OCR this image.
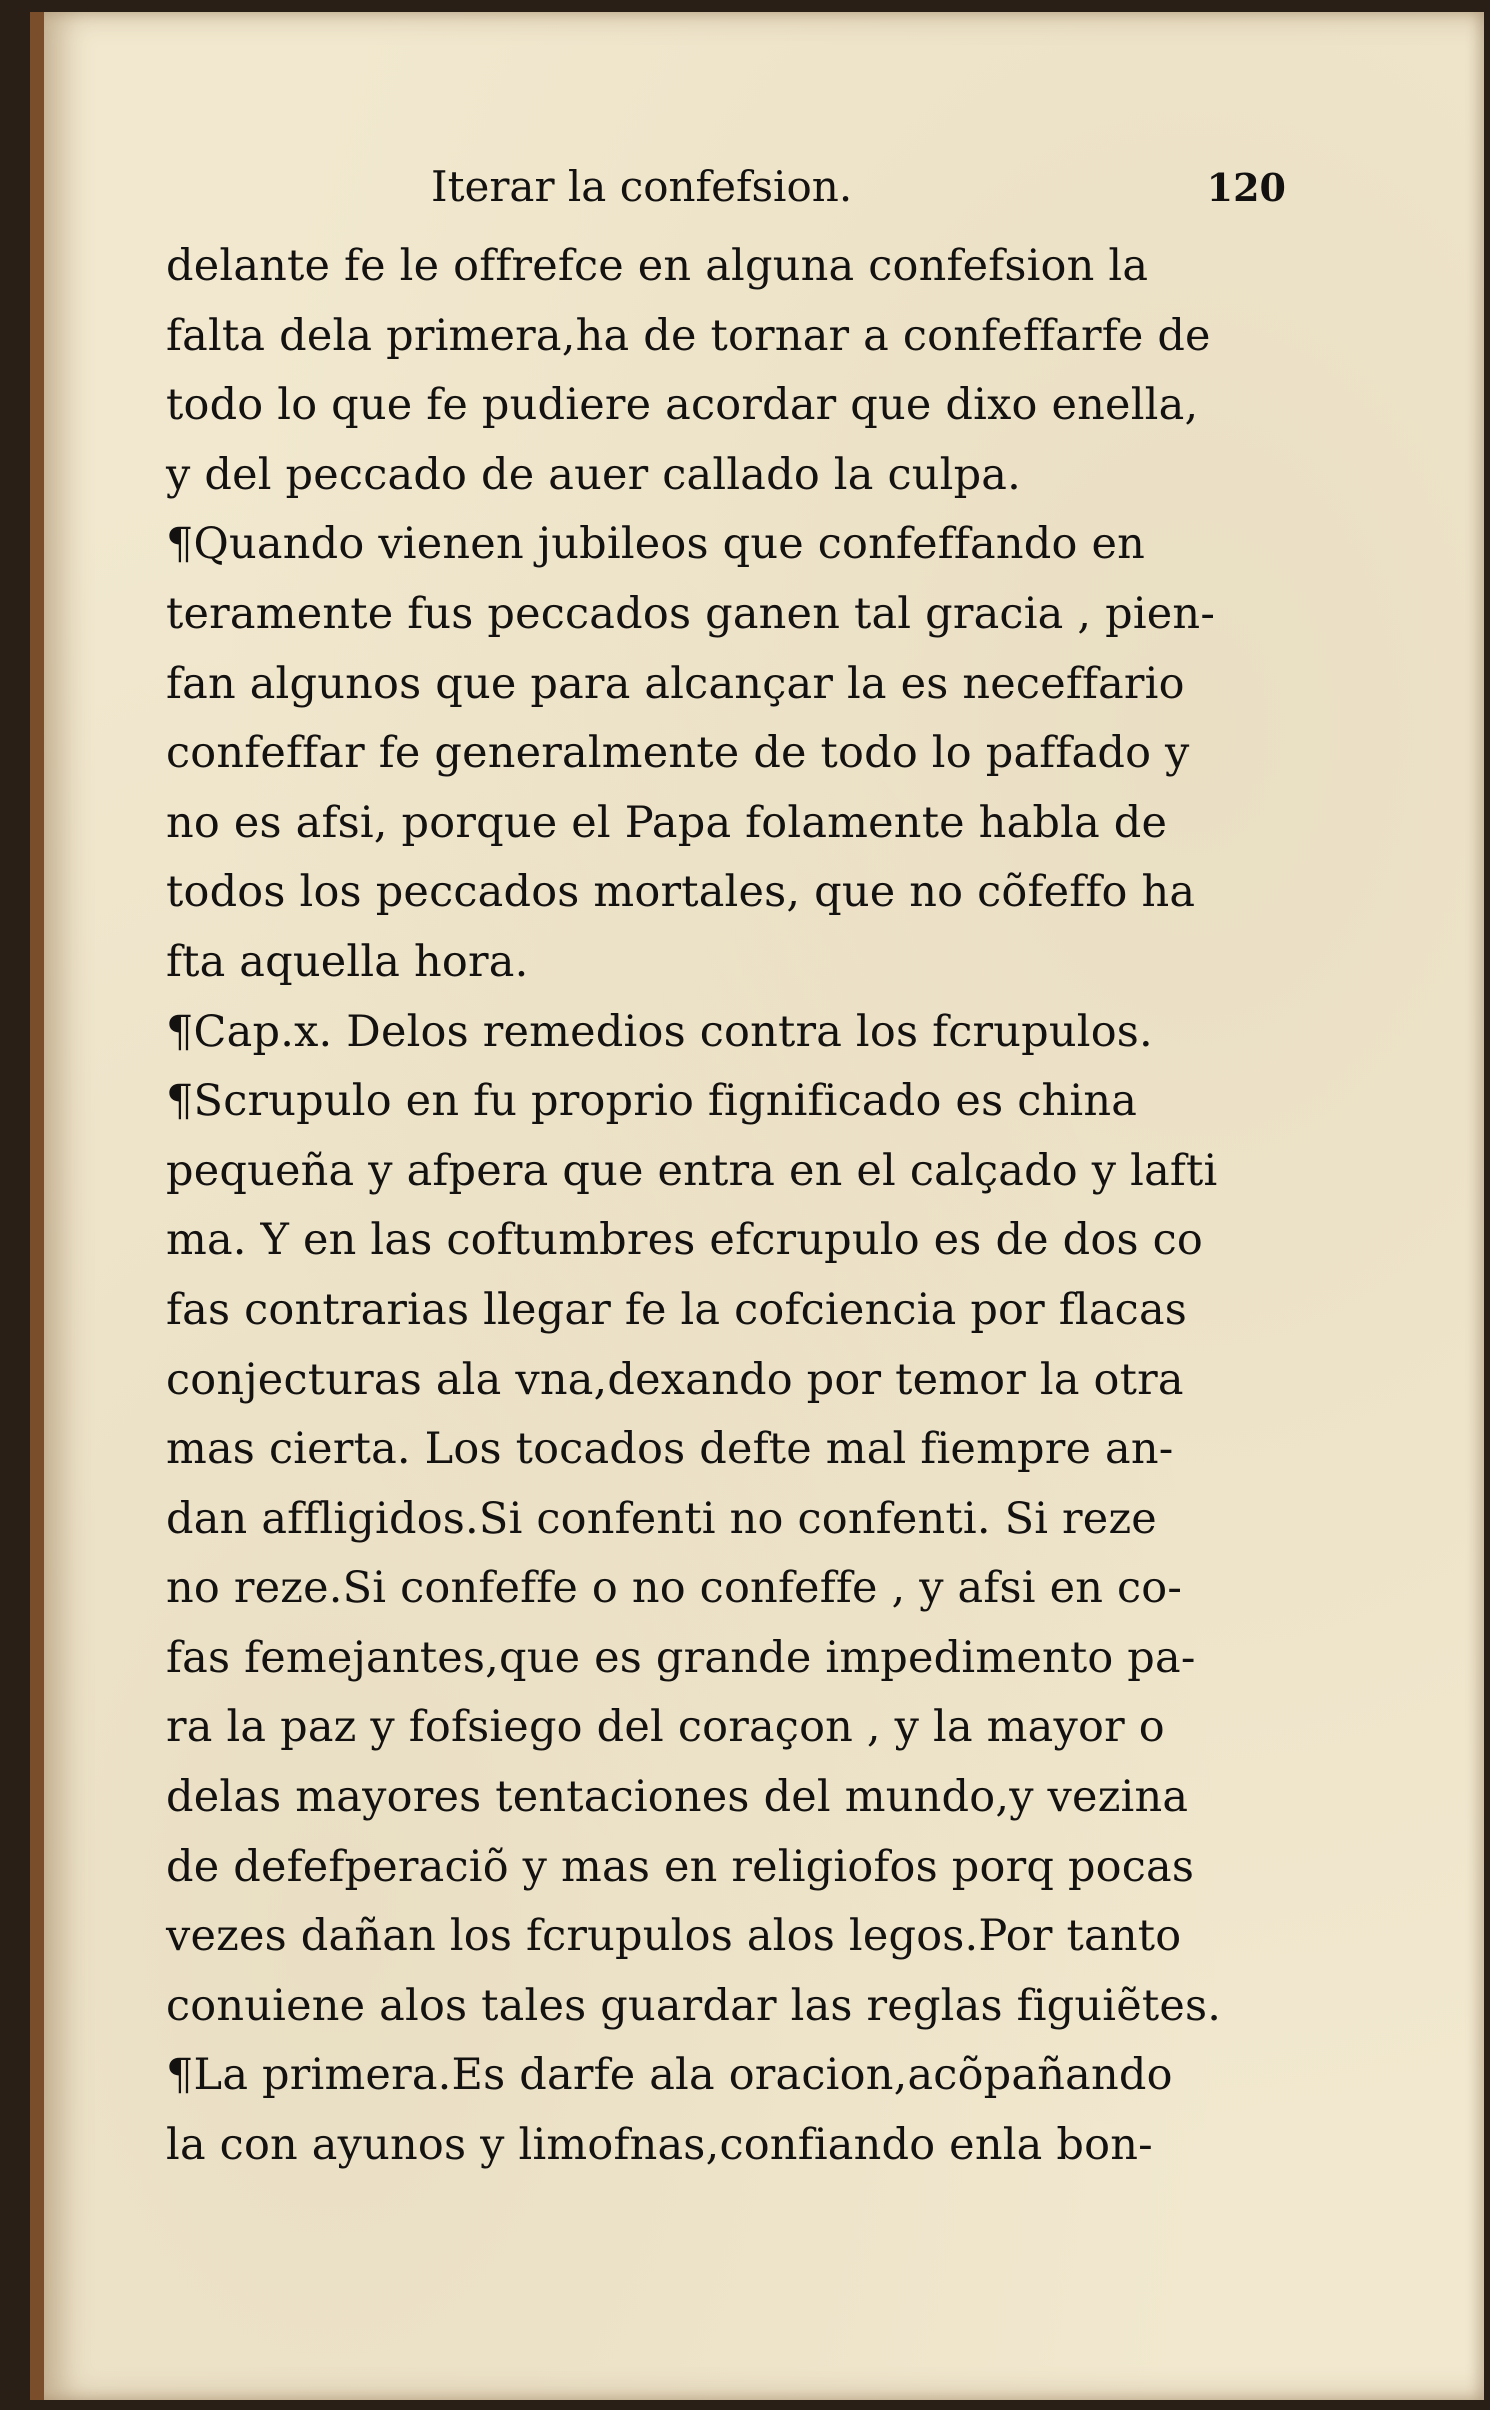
Iterar la confefsion.	120
delante fe le offrefce en alguna confefsion la
falta dela primera,ha de tornar a confeffarfe de
todo lo que fe pudiere acordar que dixo enella,
y del peccado de auer callado la culpa.
¶Quando vienen jubileos que confeffando en
teramente fus peccados ganen tal gracia , pien-
fan algunos que para alcançar la es neceffario
confeffar fe generalmente de todo lo paffado y
no es afsi, porque el Papa folamente habla de
todos los peccados mortales, que no cõfeffo ha
fta aquella hora.
¶Cap.x. Delos remedios contra los fcrupulos.
¶Scrupulo en fu proprio fignificado es china
pequeña y afpera que entra en el calçado y lafti
ma. Y en las coftumbres efcrupulo es de dos co
fas contrarias llegar fe la cofciencia por flacas
conjecturas ala vna,dexando por temor la otra
mas cierta. Los tocados defte mal fiempre an-
dan affligidos.Si confenti no confenti. Si reze
no reze.Si confeffe o no confeffe , y afsi en co-
fas femejantes,que es grande impedimento pa-
ra la paz y fofsiego del coraçon , y la mayor o
delas mayores tentaciones del mundo,y vezina
de defefperaciõ y mas en religiofos porq pocas
vezes dañan los fcrupulos alos legos.Por tanto
conuiene alos tales guardar las reglas figuiẽtes.
¶La primera.Es darfe ala oracion,acõpañando
la con ayunos y limofnas,confiando enla bon-
